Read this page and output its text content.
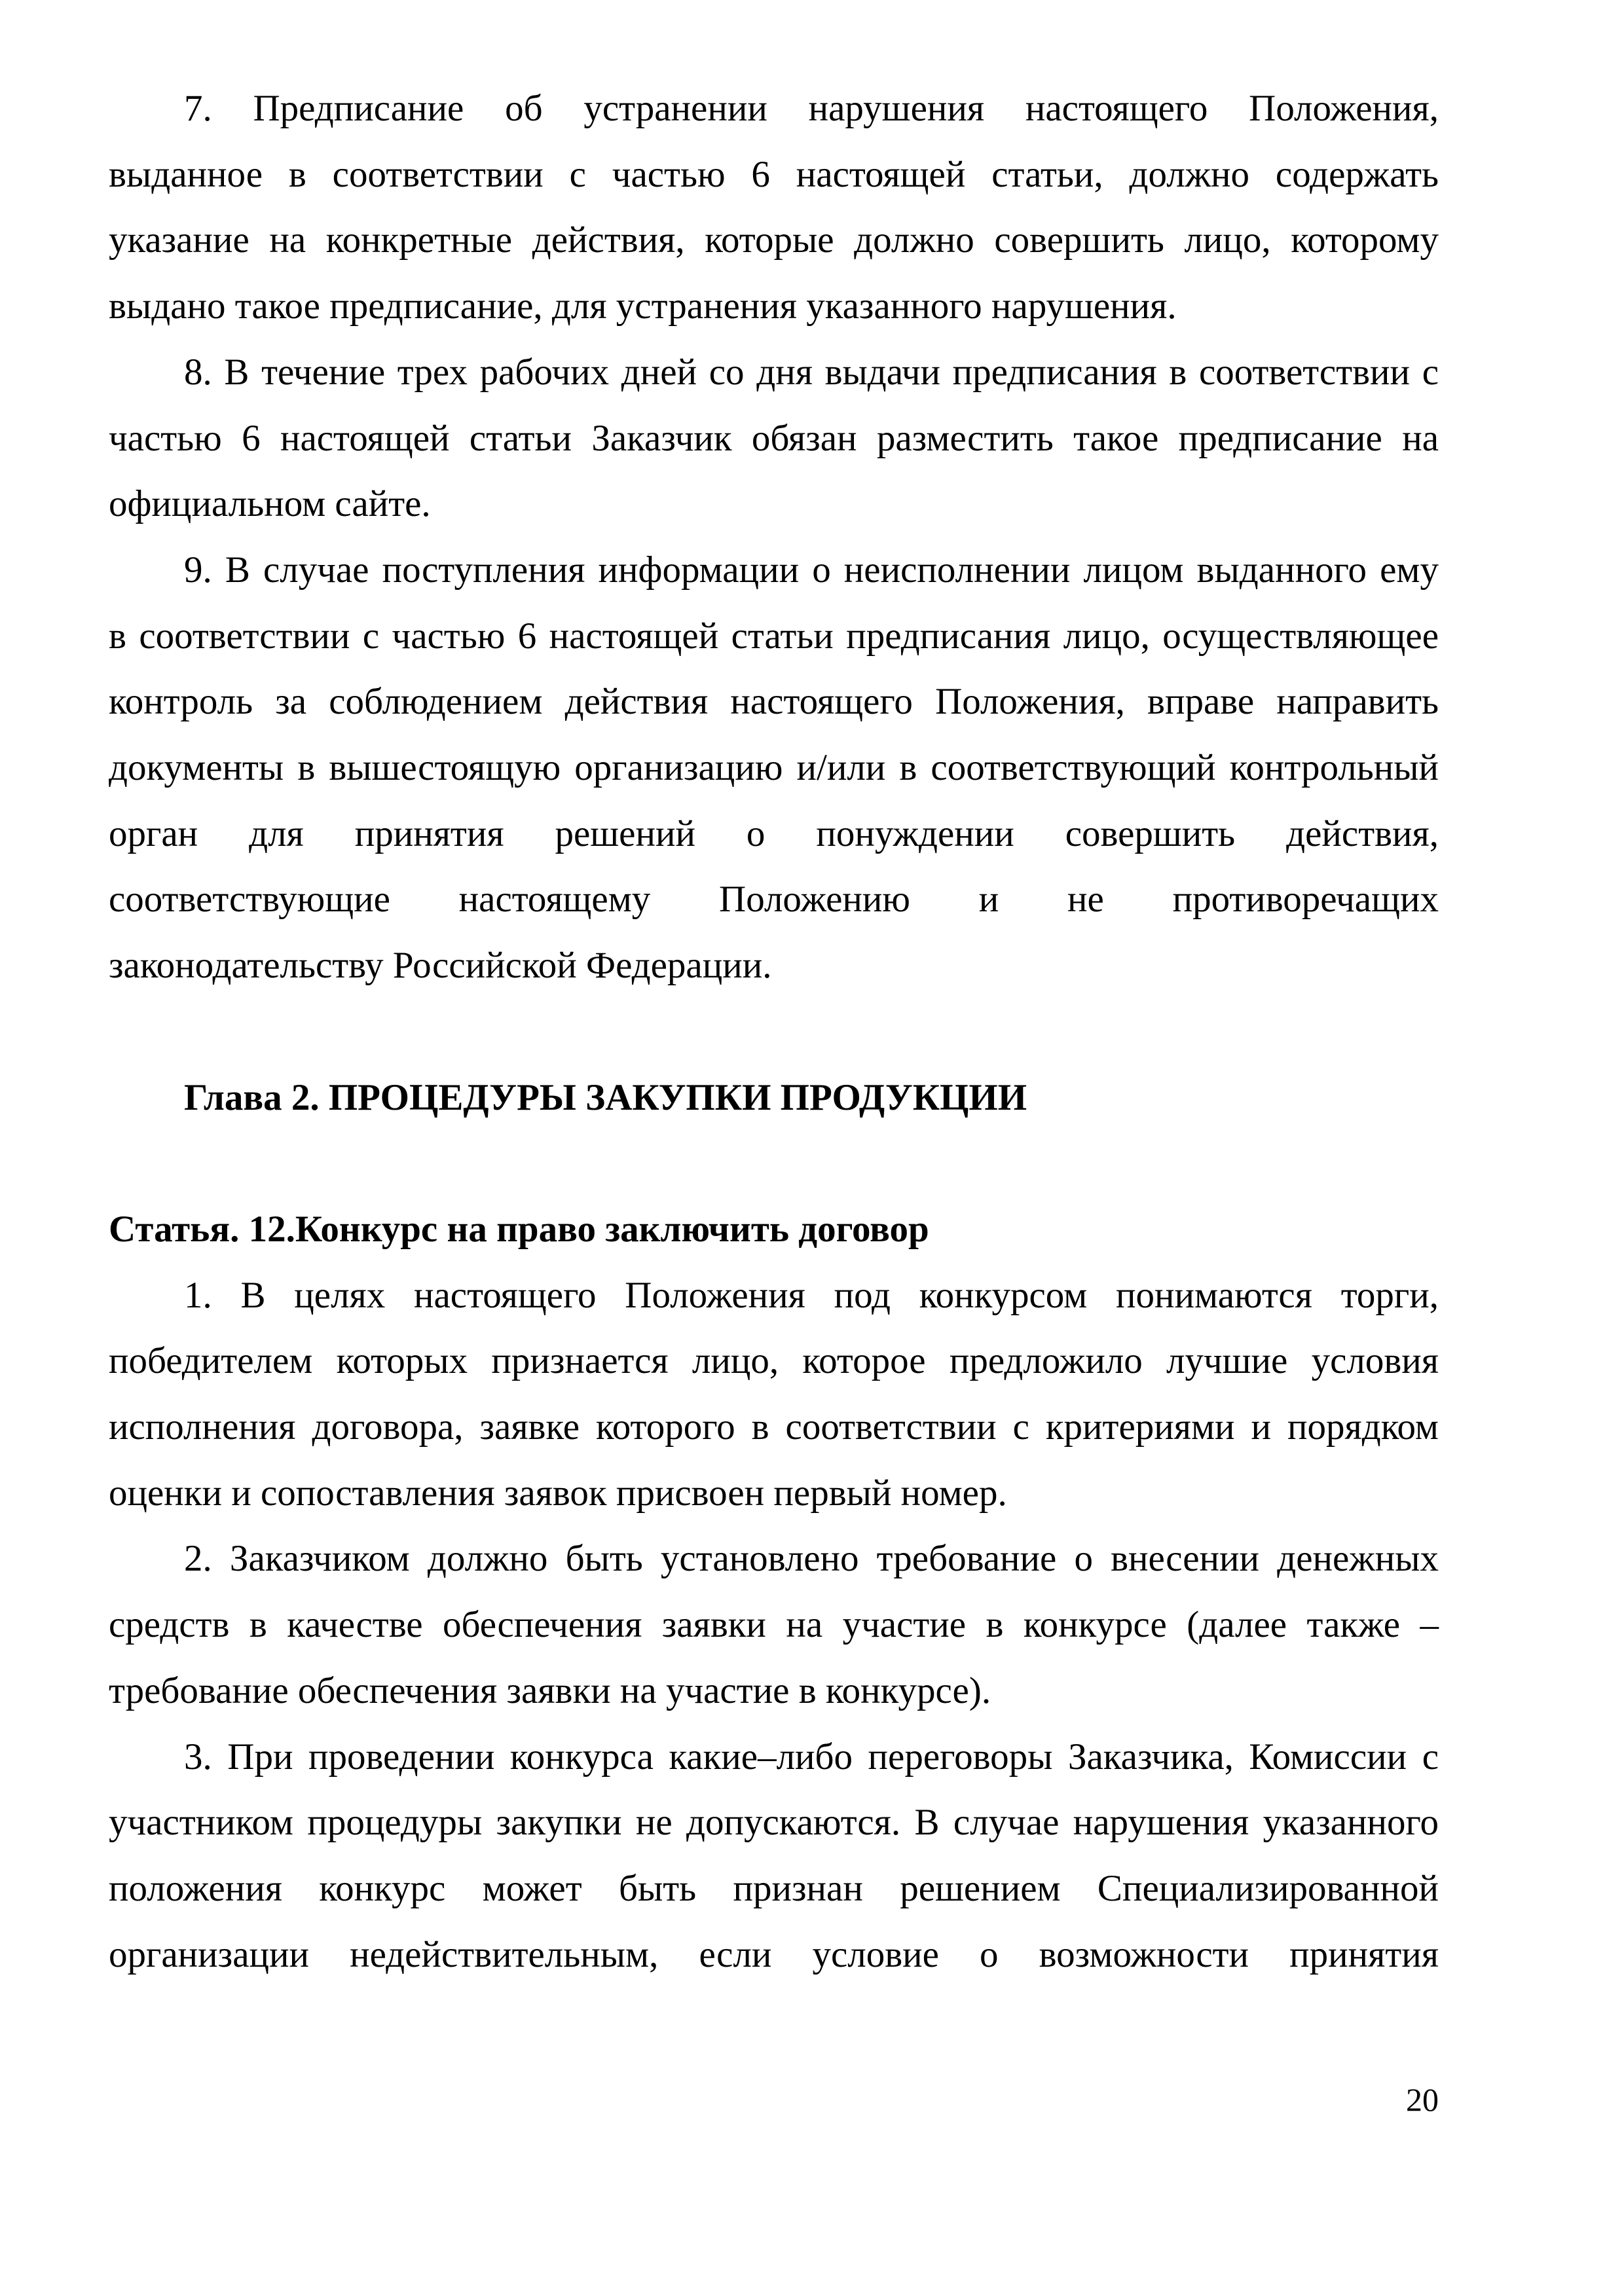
7. Предписание об устранении нарушения настоящего Положения,
выданное в соответствии с частью 6 настоящей статьи, должно содержать
указание на конкретные действия, которые должно совершить лицо, которому
выдано такое предписание, для устранения указанного нарушения.
8. В течение трех рабочих дней со дня выдачи предписания в соответствии с
частью 6 настоящей статьи Заказчик обязан разместить такое предписание на
официальном сайте.
9. В случае поступления информации о неисполнении лицом выданного ему
в соответствии с частью 6 настоящей статьи предписания лицо, осуществляющее
контроль за соблюдением действия настоящего Положения, вправе направить
документы в вышестоящую организацию и/или в соответствующий контрольный
орган для принятия решений о понуждении совершить действия,
соответствующие настоящему Положению и не противоречащих
законодательству Российской Федерации.
Глава 2. ПРОЦЕДУРЫ ЗАКУПКИ ПРОДУКЦИИ
Статья. 12.Конкурс на право заключить договор
1. В целях настоящего Положения под конкурсом понимаются торги,
победителем которых признается лицо, которое предложило лучшие условия
исполнения договора, заявке которого в соответствии с критериями и порядком
оценки и сопоставления заявок присвоен первый номер.
2. Заказчиком должно быть установлено требование о внесении денежных
средств в качестве обеспечения заявки на участие в конкурсе (далее также –
требование обеспечения заявки на участие в конкурсе).
3. При проведении конкурса какие–либо переговоры Заказчика, Комиссии с
участником процедуры закупки не допускаются. В случае нарушения указанного
положения конкурс может быть признан решением Специализированной
организации недействительным, если условие о возможности принятия
20
